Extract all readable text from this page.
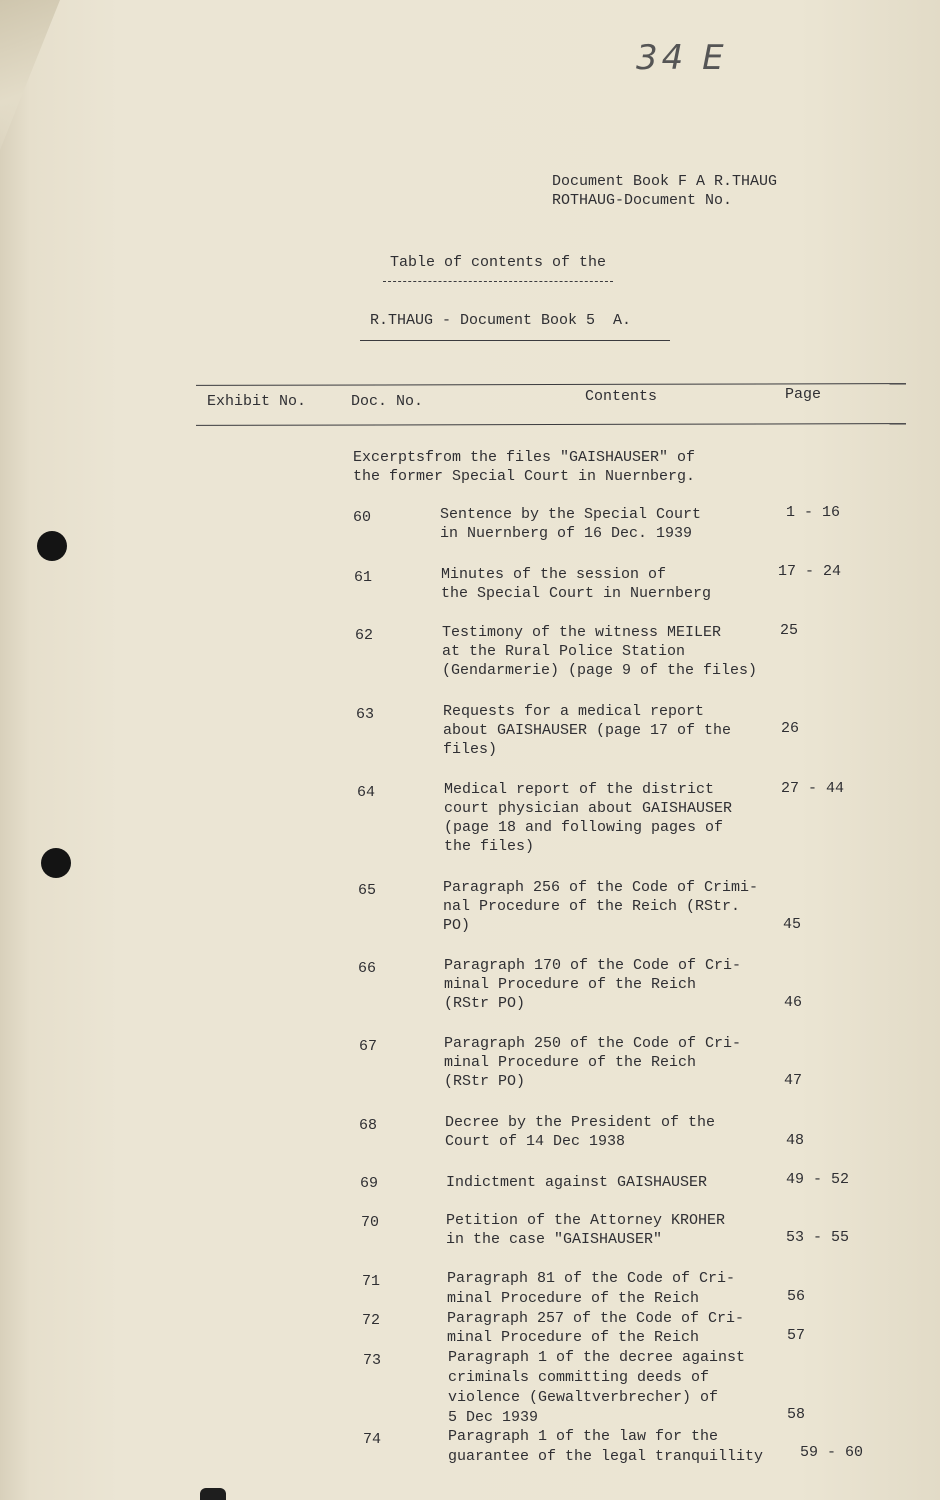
34 E
Document Book F A R.THAUG
ROTHAUG-Document No.
Table of contents of the
R.THAUG - Document Book 5  A.
Exhibit No.	Doc. No.	Contents	Page
Excerptsfrom the files "GAISHAUSER" of
the former Special Court in Nuernberg.
60	Sentence by the Special Court
in Nuernberg of 16 Dec. 1939
1 - 16
61	Minutes of the session of
the Special Court in Nuernberg
17 - 24
62	Testimony of the witness MEILER
at the Rural Police Station
(Gendarmerie) (page 9 of the files)
25
63	Requests for a medical report
about GAISHAUSER (page 17 of the
files)
26
64	Medical report of the district
court physician about GAISHAUSER
(page 18 and following pages of
the files)
27 - 44
65	Paragraph 256 of the Code of Crimi-
nal Procedure of the Reich (RStr.
PO)	45
66	Paragraph 170 of the Code of Cri-
minal Procedure of the Reich
(RStr PO)	46
67	Paragraph 250 of the Code of Cri-
minal Procedure of the Reich
(RStr PO)	47
68	Decree by the President of the
Court of 14 Dec 1938	48
69	Indictment against GAISHAUSER	49 - 52
70	Petition of the Attorney KROHER
in the case "GAISHAUSER"	53 - 55
71	Paragraph 81 of the Code of Cri-
minal Procedure of the Reich	56
72	Paragraph 257 of the Code of Cri-
minal Procedure of the Reich	57
73	Paragraph 1 of the decree against
criminals committing deeds of
violence (Gewaltverbrecher) of
5 Dec 1939	58
74	Paragraph 1 of the law for the
guarantee of the legal tranquillity 59 - 60
